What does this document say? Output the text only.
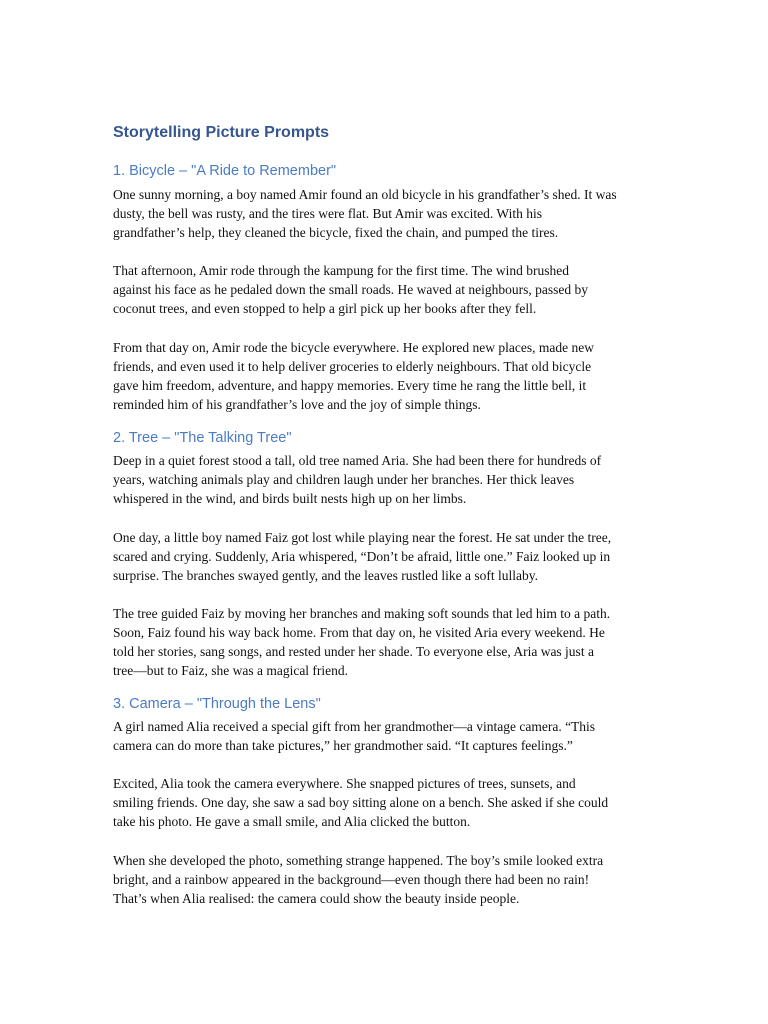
Storytelling Picture Prompts
1. Bicycle – "A Ride to Remember"

One sunny morning, a boy named Amir found an old bicycle in his grandfather’s shed. It was
dusty, the bell was rusty, and the tires were flat. But Amir was excited. With his
grandfather’s help, they cleaned the bicycle, fixed the chain, and pumped the tires.

That afternoon, Amir rode through the kampung for the first time. The wind brushed
against his face as he pedaled down the small roads. He waved at neighbours, passed by
coconut trees, and even stopped to help a girl pick up her books after they fell.

From that day on, Amir rode the bicycle everywhere. He explored new places, made new
friends, and even used it to help deliver groceries to elderly neighbours. That old bicycle
gave him freedom, adventure, and happy memories. Every time he rang the little bell, it
reminded him of his grandfather’s love and the joy of simple things.

2. Tree – "The Talking Tree"

Deep in a quiet forest stood a tall, old tree named Aria. She had been there for hundreds of
years, watching animals play and children laugh under her branches. Her thick leaves
whispered in the wind, and birds built nests high up on her limbs.

One day, a little boy named Faiz got lost while playing near the forest. He sat under the tree,
scared and crying. Suddenly, Aria whispered, “Don’t be afraid, little one.” Faiz looked up in
surprise. The branches swayed gently, and the leaves rustled like a soft lullaby.

The tree guided Faiz by moving her branches and making soft sounds that led him to a path.
Soon, Faiz found his way back home. From that day on, he visited Aria every weekend. He
told her stories, sang songs, and rested under her shade. To everyone else, Aria was just a
tree—but to Faiz, she was a magical friend.

3. Camera – "Through the Lens"

A girl named Alia received a special gift from her grandmother—a vintage camera. “This
camera can do more than take pictures,” her grandmother said. “It captures feelings.”

Excited, Alia took the camera everywhere. She snapped pictures of trees, sunsets, and
smiling friends. One day, she saw a sad boy sitting alone on a bench. She asked if she could
take his photo. He gave a small smile, and Alia clicked the button.

When she developed the photo, something strange happened. The boy’s smile looked extra
bright, and a rainbow appeared in the background—even though there had been no rain!
That’s when Alia realised: the camera could show the beauty inside people.
